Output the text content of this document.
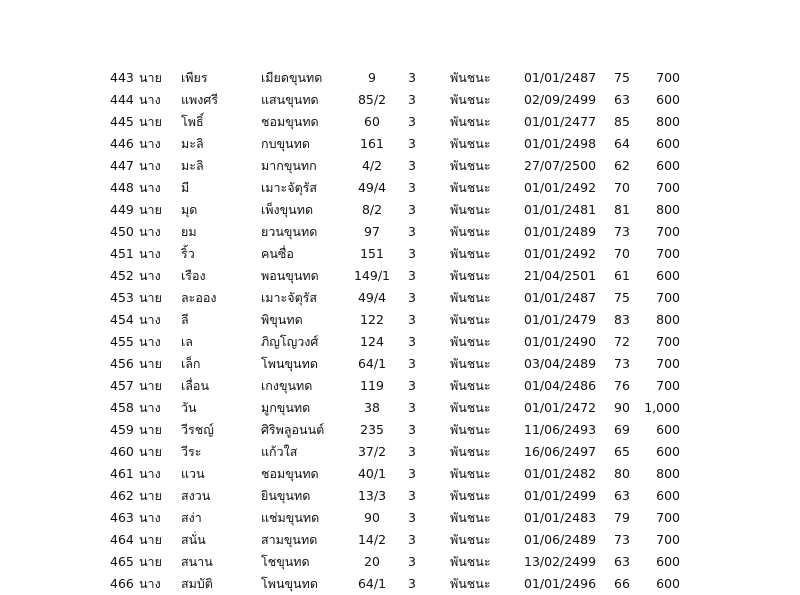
443 นาย	เพียร	เมียดขุนทด	9	3	พันชนะ	01/01/2487	75	700
444 นาง	แพงศรี	แสนขุนทด	85/2	3	พันชนะ	02/09/2499	63	600
445 นาย	โพธิ์	ชอมขุนทด	60	3	พันชนะ	01/01/2477	85	800
446 นาง	มะลิ	กบขุนทด	161	3	พันชนะ	01/01/2498	64	600
447 นาง	มะลิ	มากขุนทก	4/2	3	พันชนะ	27/07/2500	62	600
448 นาง	มี	เมาะจัตุรัส	49/4	3	พันชนะ	01/01/2492	70	700
449 นาย	มุด	เพ็งขุนทด	8/2	3	พันชนะ	01/01/2481	81	800
450 นาง	ยม	ยวนขุนทด	97	3	พันชนะ	01/01/2489	73	700
451 นาง	ริ้ว	คนซื่อ	151	3	พันชนะ	01/01/2492	70	700
452 นาง	เรือง	พอนขุนทด	149/1	3	พันชนะ	21/04/2501	61	600
453 นาย	ละออง	เมาะจัตุรัส	49/4	3	พันชนะ	01/01/2487	75	700
454 นาง	ลี	พิขุนทด	122	3	พันชนะ	01/01/2479	83	800
455 นาง	เล	ภิญโญวงศ์	124	3	พันชนะ	01/01/2490	72	700
456 นาย	เล็ก	โพนขุนทด	64/1	3	พันชนะ	03/04/2489	73	700
457 นาย	เลื่อน	เกงขุนทด	119	3	พันชนะ	01/04/2486	76	700
458 นาง	วัน	มูกขุนทด	38	3	พันชนะ	01/01/2472	90	1,000
459 นาย	วีรชญ์	ศิริพลูอนนต์	235	3	พันชนะ	11/06/2493	69	600
460 นาย	วีระ	แก้วใส	37/2	3	พันชนะ	16/06/2497	65	600
461 นาง	แวน	ชอมขุนทด	40/1	3	พันชนะ	01/01/2482	80	800
462 นาย	สงวน	ยินขุนทด	13/3	3	พันชนะ	01/01/2499	63	600
463 นาง	สง่า	แช่มขุนทด	90	3	พันชนะ	01/01/2483	79	700
464 นาย	สนั่น	สามขุนทด	14/2	3	พันชนะ	01/06/2489	73	700
465 นาย	สนาน	โชขุนทด	20	3	พันชนะ	13/02/2499	63	600
466 นาง	สมบัติ	โพนขุนทด	64/1	3	พันชนะ	01/01/2496	66	600
